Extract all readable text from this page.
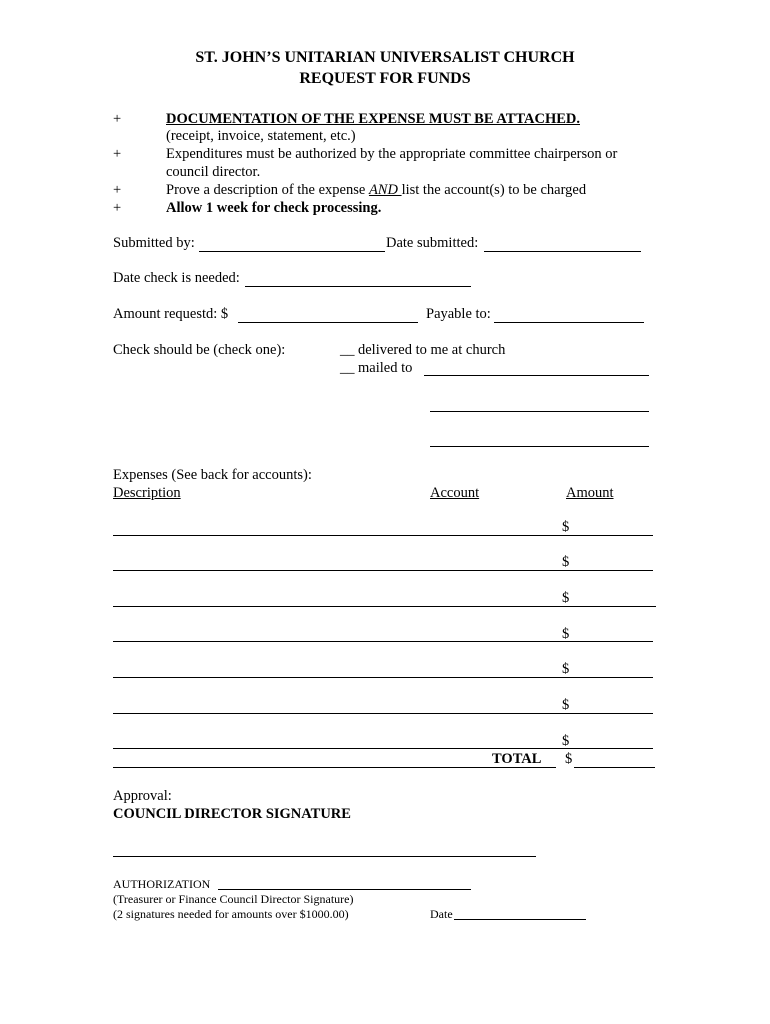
ST. JOHN’S UNITARIAN UNIVERSALIST CHURCH
REQUEST FOR FUNDS
+	DOCUMENTATION OF THE EXPENSE MUST BE ATTACHED.
(receipt, invoice, statement, etc.)
+	Expenditures must be authorized by the appropriate committee chairperson or
council director.
+	Prove a description of the expense AND list the account(s) to be charged
+	Allow 1 week for check processing.
Submitted by:	Date submitted:
Date check is needed:
Amount requestd: $	Payable to:
Check should be (check one):	__ delivered to me at church
__ mailed to
Expenses (See back for accounts):
Description	Account	Amount
$
$
$
$
$
$
$
TOTAL $
Approval:
COUNCIL DIRECTOR SIGNATURE
AUTHORIZATION
(Treasurer or Finance Council Director Signature)
(2 signatures needed for amounts over $1000.00)	Date
